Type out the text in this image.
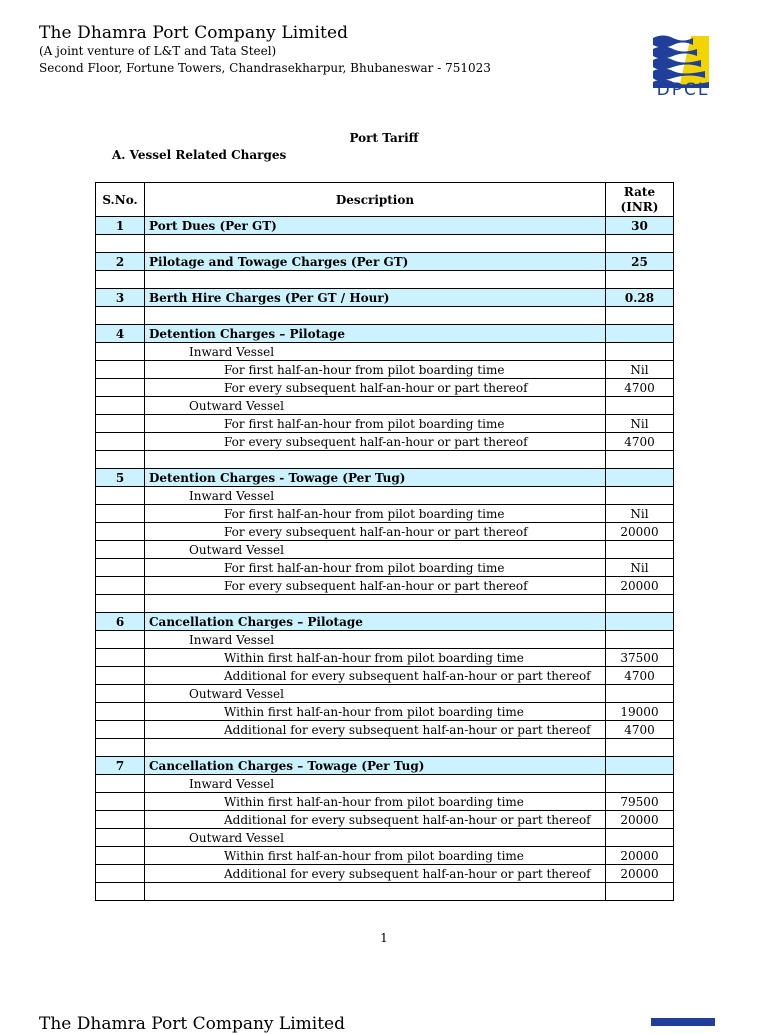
The Dhamra Port Company Limited
(A joint venture of L&T and Tata Steel)
Second Floor, Fortune Towers, Chandrasekharpur, Bhubaneswar - 751023
DPCL
Port Tariff
A. Vessel Related Charges
S.No.	Description	Rate (INR)
1	Port Dues (Per GT)	30

2	Pilotage and Towage Charges (Per GT)	25

3	Berth Hire Charges (Per GT / Hour)	0.28

4	Detention Charges – Pilotage	
	Inward Vessel	
	For first half-an-hour from pilot boarding time	Nil
	For every subsequent half-an-hour or part thereof	4700
	Outward Vessel	
	For first half-an-hour from pilot boarding time	Nil
	For every subsequent half-an-hour or part thereof	4700

5	Detention Charges - Towage (Per Tug)	
	Inward Vessel	
	For first half-an-hour from pilot boarding time	Nil
	For every subsequent half-an-hour or part thereof	20000
	Outward Vessel	
	For first half-an-hour from pilot boarding time	Nil
	For every subsequent half-an-hour or part thereof	20000

6	Cancellation Charges – Pilotage	
	Inward Vessel	
	Within first half-an-hour from pilot boarding time	37500
	Additional for every subsequent half-an-hour or part thereof	4700
	Outward Vessel	
	Within first half-an-hour from pilot boarding time	19000
	Additional for every subsequent half-an-hour or part thereof	4700

7	Cancellation Charges – Towage (Per Tug)	
	Inward Vessel	
	Within first half-an-hour from pilot boarding time	79500
	Additional for every subsequent half-an-hour or part thereof	20000
	Outward Vessel	
	Within first half-an-hour from pilot boarding time	20000
	Additional for every subsequent half-an-hour or part thereof	20000

1
The Dhamra Port Company Limited
